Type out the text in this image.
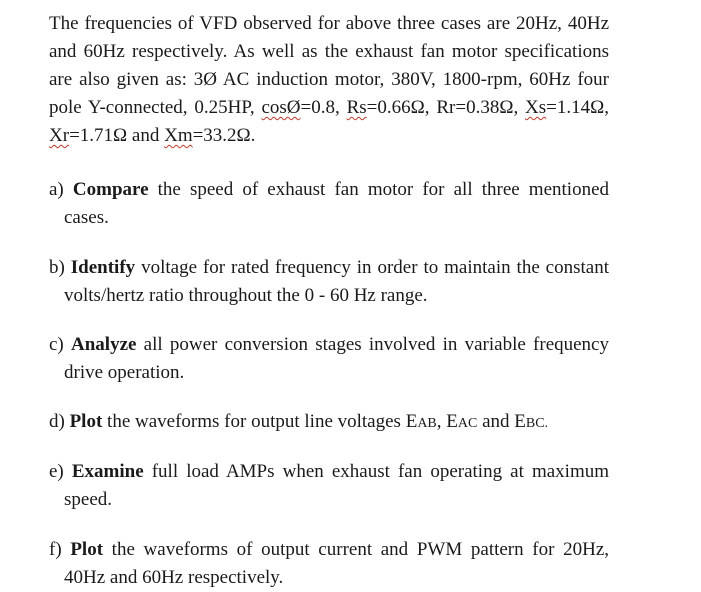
The frequencies of VFD observed for above three cases are 20Hz, 40Hz and 60Hz respectively. As well as the exhaust fan motor specifications are also given as: 3Ø AC induction motor, 380V, 1800-rpm, 60Hz four pole Y-connected, 0.25HP, cosØ=0.8, Rs=0.66Ω, Rr=0.38Ω, Xs=1.14Ω, Xr=1.71Ω and Xm=33.2Ω.
a) Compare the speed of exhaust fan motor for all three mentioned cases.
b) Identify voltage for rated frequency in order to maintain the constant volts/hertz ratio throughout the 0 - 60 Hz range.
c) Analyze all power conversion stages involved in variable frequency drive operation.
d) Plot the waveforms for output line voltages EAB, EAC and EBC.
e) Examine full load AMPs when exhaust fan operating at maximum speed.
f) Plot the waveforms of output current and PWM pattern for 20Hz, 40Hz and 60Hz respectively.
